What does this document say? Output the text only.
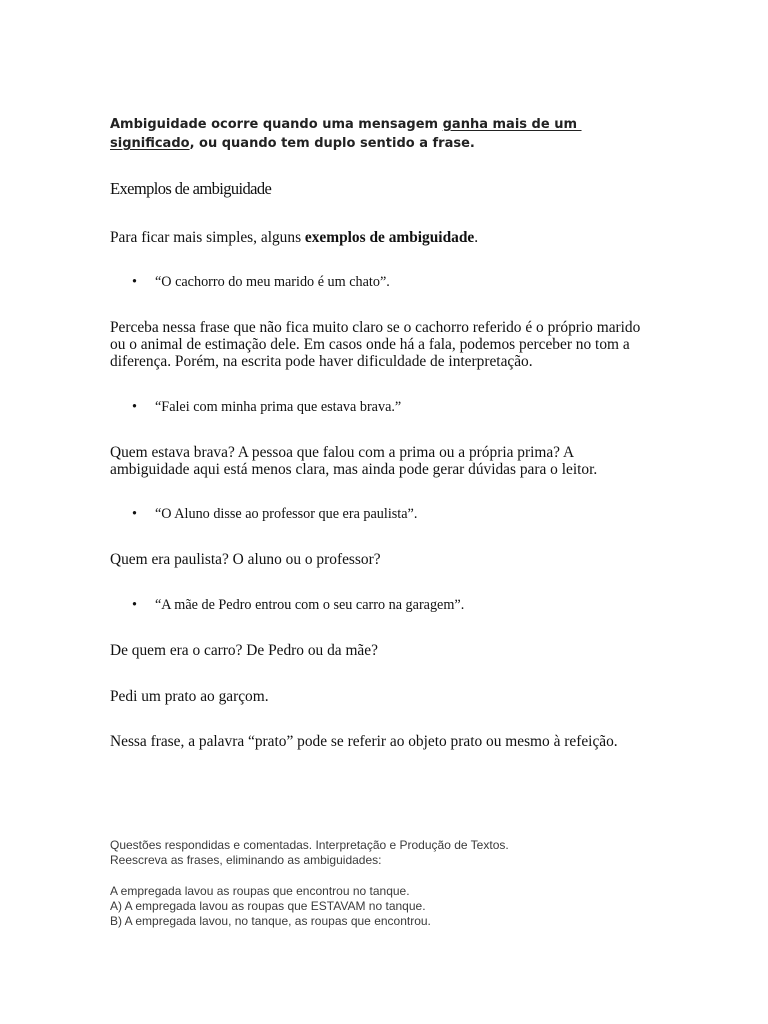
Ambiguidade ocorre quando uma mensagem ganha mais de um
significado, ou quando tem duplo sentido a frase.
Exemplos de ambiguidade
Para ficar mais simples, alguns exemplos de ambiguidade.
• “O cachorro do meu marido é um chato”.
Perceba nessa frase que não fica muito claro se o cachorro referido é o próprio marido
ou o animal de estimação dele. Em casos onde há a fala, podemos perceber no tom a
diferença. Porém, na escrita pode haver dificuldade de interpretação.
• “Falei com minha prima que estava brava.”
Quem estava brava? A pessoa que falou com a prima ou a própria prima? A
ambiguidade aqui está menos clara, mas ainda pode gerar dúvidas para o leitor.
• “O Aluno disse ao professor que era paulista”.
Quem era paulista? O aluno ou o professor?
• “A mãe de Pedro entrou com o seu carro na garagem”.
De quem era o carro? De Pedro ou da mãe?
Pedi um prato ao garçom.
Nessa frase, a palavra “prato” pode se referir ao objeto prato ou mesmo à refeição.
Questões respondidas e comentadas. Interpretação e Produção de Textos.
Reescreva as frases, eliminando as ambiguidades:
A empregada lavou as roupas que encontrou no tanque.
A) A empregada lavou as roupas que ESTAVAM no tanque.
B) A empregada lavou, no tanque, as roupas que encontrou.
